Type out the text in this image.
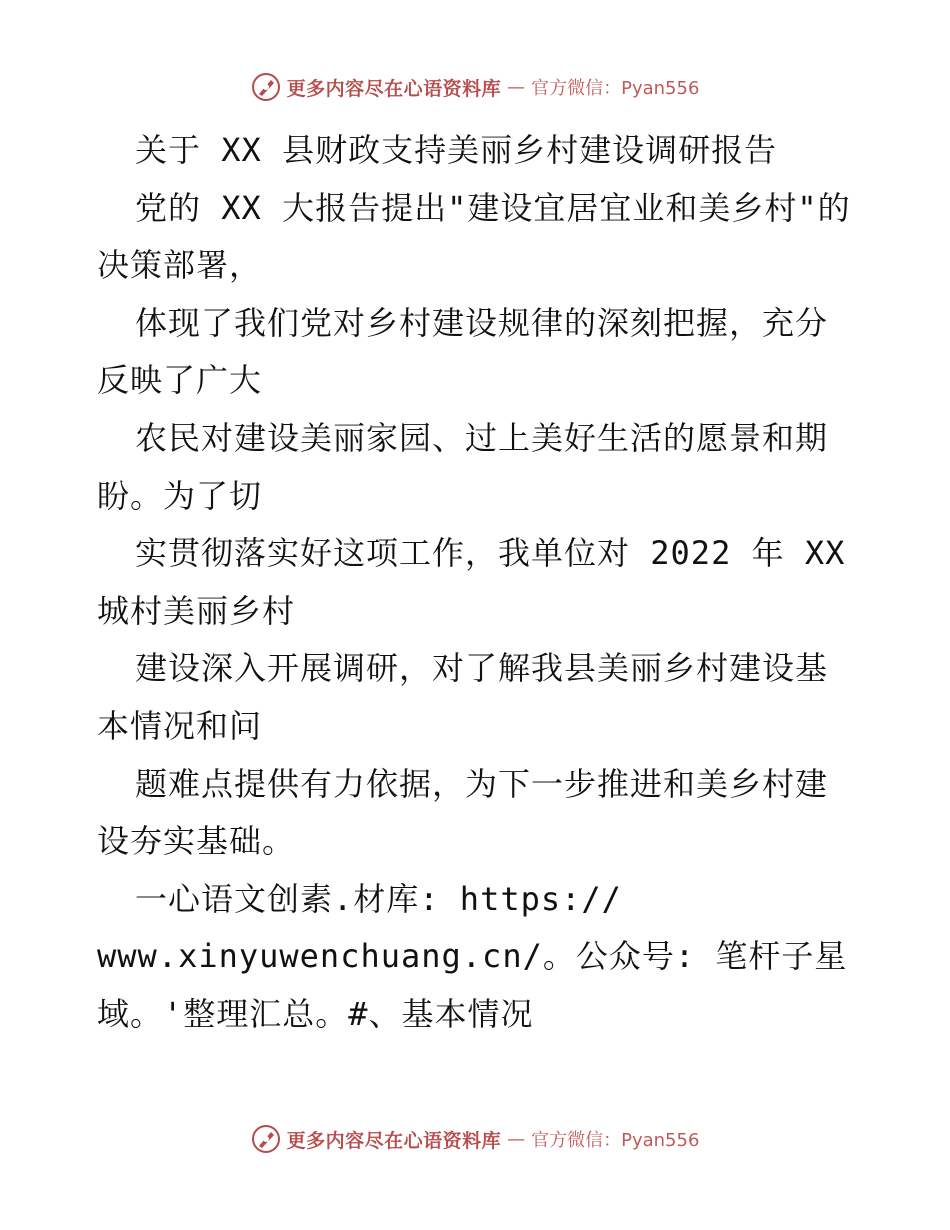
更多内容尽在心语资料库 — 官方微信：Pyan556
关于 XX 县财政支持美丽乡村建设调研报告
党的 XX 大报告提出"建设宜居宜业和美乡村"的
决策部署，
体现了我们党对乡村建设规律的深刻把握，充分
反映了广大
农民对建设美丽家园、过上美好生活的愿景和期
盼。为了切
实贯彻落实好这项工作，我单位对 2022 年 XX
城村美丽乡村
建设深入开展调研，对了解我县美丽乡村建设基
本情况和问
题难点提供有力依据，为下一步推进和美乡村建
设夯实基础。
一心语文创素.材库: https://
www.xinyuwenchuang.cn/。公众号: 笔杆子星
域。'整理汇总。#、基本情况
更多内容尽在心语资料库 — 官方微信：Pyan556
